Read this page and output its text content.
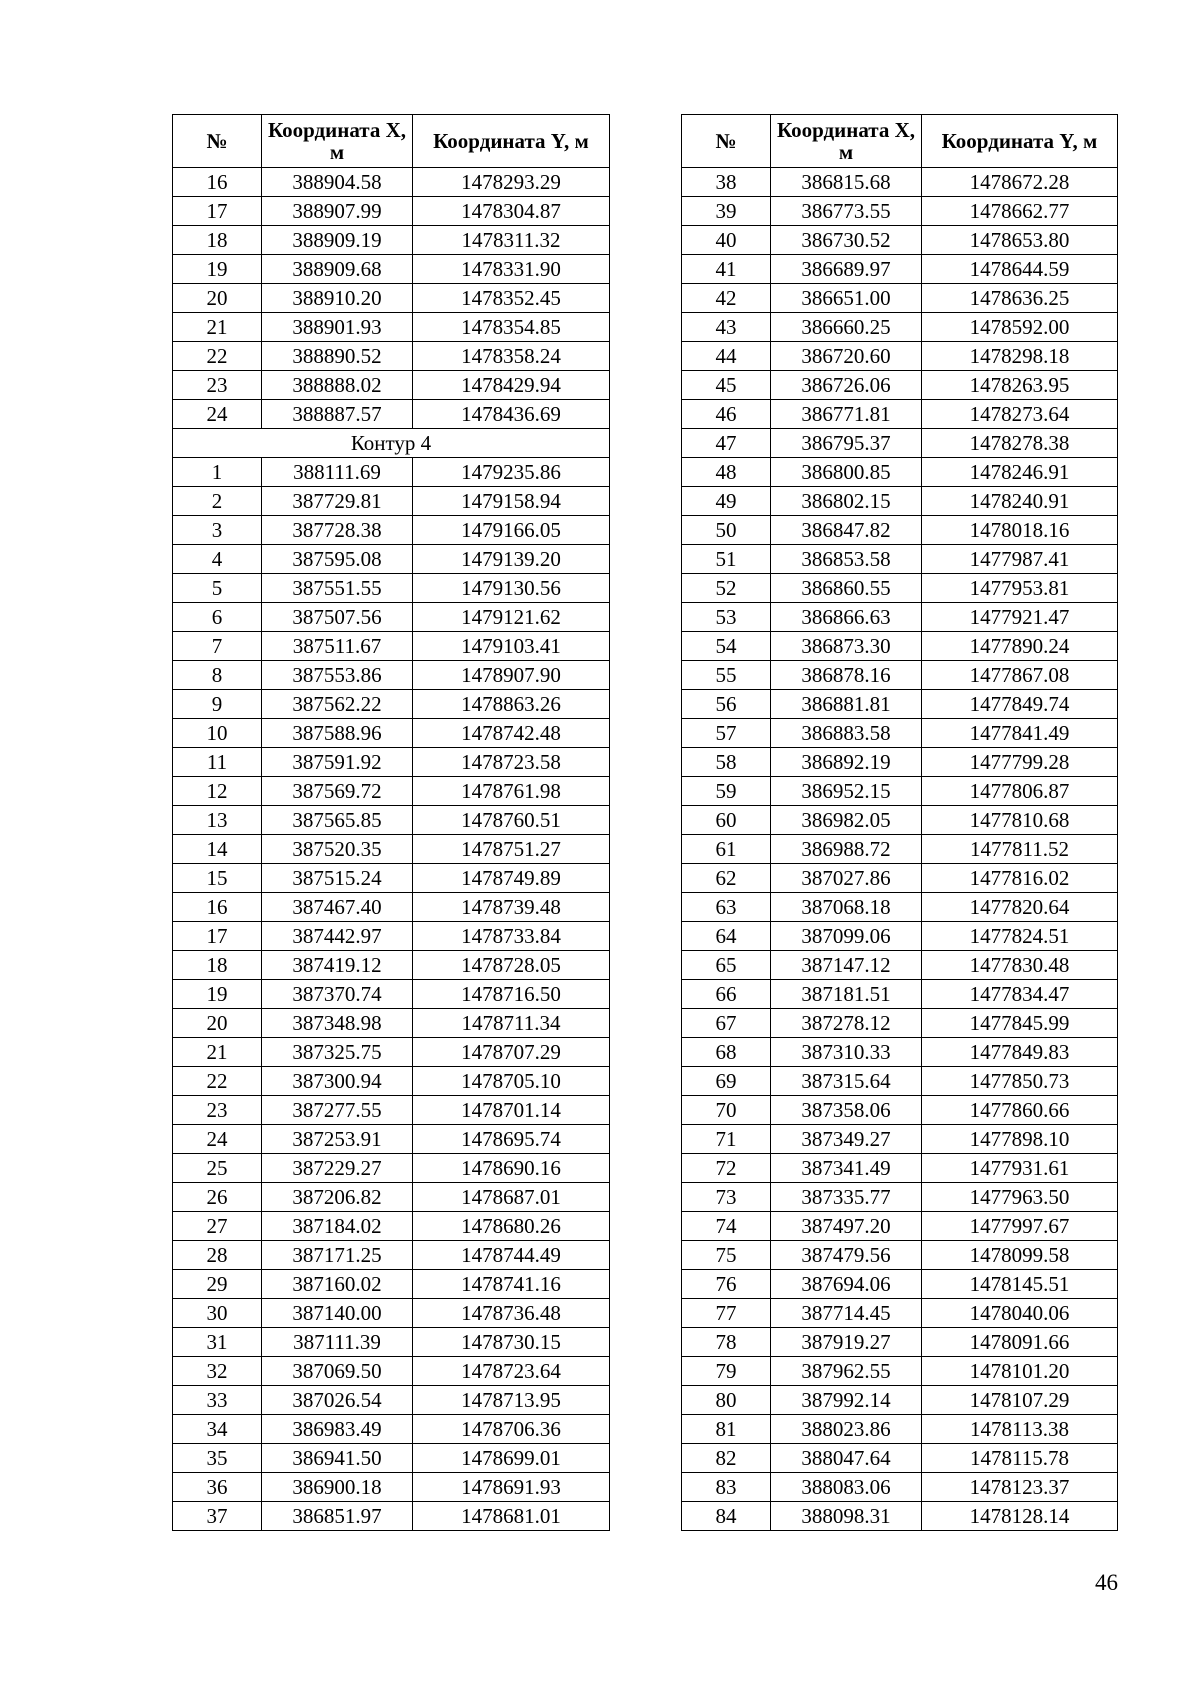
№	Координата X, м	Координата Y, м
16	388904.58	1478293.29
17	388907.99	1478304.87
18	388909.19	1478311.32
19	388909.68	1478331.90
20	388910.20	1478352.45
21	388901.93	1478354.85
22	388890.52	1478358.24
23	388888.02	1478429.94
24	388887.57	1478436.69
Контур 4		
1	388111.69	1479235.86
2	387729.81	1479158.94
3	387728.38	1479166.05
4	387595.08	1479139.20
5	387551.55	1479130.56
6	387507.56	1479121.62
7	387511.67	1479103.41
8	387553.86	1478907.90
9	387562.22	1478863.26
10	387588.96	1478742.48
11	387591.92	1478723.58
12	387569.72	1478761.98
13	387565.85	1478760.51
14	387520.35	1478751.27
15	387515.24	1478749.89
16	387467.40	1478739.48
17	387442.97	1478733.84
18	387419.12	1478728.05
19	387370.74	1478716.50
20	387348.98	1478711.34
21	387325.75	1478707.29
22	387300.94	1478705.10
23	387277.55	1478701.14
24	387253.91	1478695.74
25	387229.27	1478690.16
26	387206.82	1478687.01
27	387184.02	1478680.26
28	387171.25	1478744.49
29	387160.02	1478741.16
30	387140.00	1478736.48
31	387111.39	1478730.15
32	387069.50	1478723.64
33	387026.54	1478713.95
34	386983.49	1478706.36
35	386941.50	1478699.01
36	386900.18	1478691.93
37	386851.97	1478681.01
№	Координата X, м	Координата Y, м
38	386815.68	1478672.28
39	386773.55	1478662.77
40	386730.52	1478653.80
41	386689.97	1478644.59
42	386651.00	1478636.25
43	386660.25	1478592.00
44	386720.60	1478298.18
45	386726.06	1478263.95
46	386771.81	1478273.64
47	386795.37	1478278.38
48	386800.85	1478246.91
49	386802.15	1478240.91
50	386847.82	1478018.16
51	386853.58	1477987.41
52	386860.55	1477953.81
53	386866.63	1477921.47
54	386873.30	1477890.24
55	386878.16	1477867.08
56	386881.81	1477849.74
57	386883.58	1477841.49
58	386892.19	1477799.28
59	386952.15	1477806.87
60	386982.05	1477810.68
61	386988.72	1477811.52
62	387027.86	1477816.02
63	387068.18	1477820.64
64	387099.06	1477824.51
65	387147.12	1477830.48
66	387181.51	1477834.47
67	387278.12	1477845.99
68	387310.33	1477849.83
69	387315.64	1477850.73
70	387358.06	1477860.66
71	387349.27	1477898.10
72	387341.49	1477931.61
73	387335.77	1477963.50
74	387497.20	1477997.67
75	387479.56	1478099.58
76	387694.06	1478145.51
77	387714.45	1478040.06
78	387919.27	1478091.66
79	387962.55	1478101.20
80	387992.14	1478107.29
81	388023.86	1478113.38
82	388047.64	1478115.78
83	388083.06	1478123.37
84	388098.31	1478128.14
46
